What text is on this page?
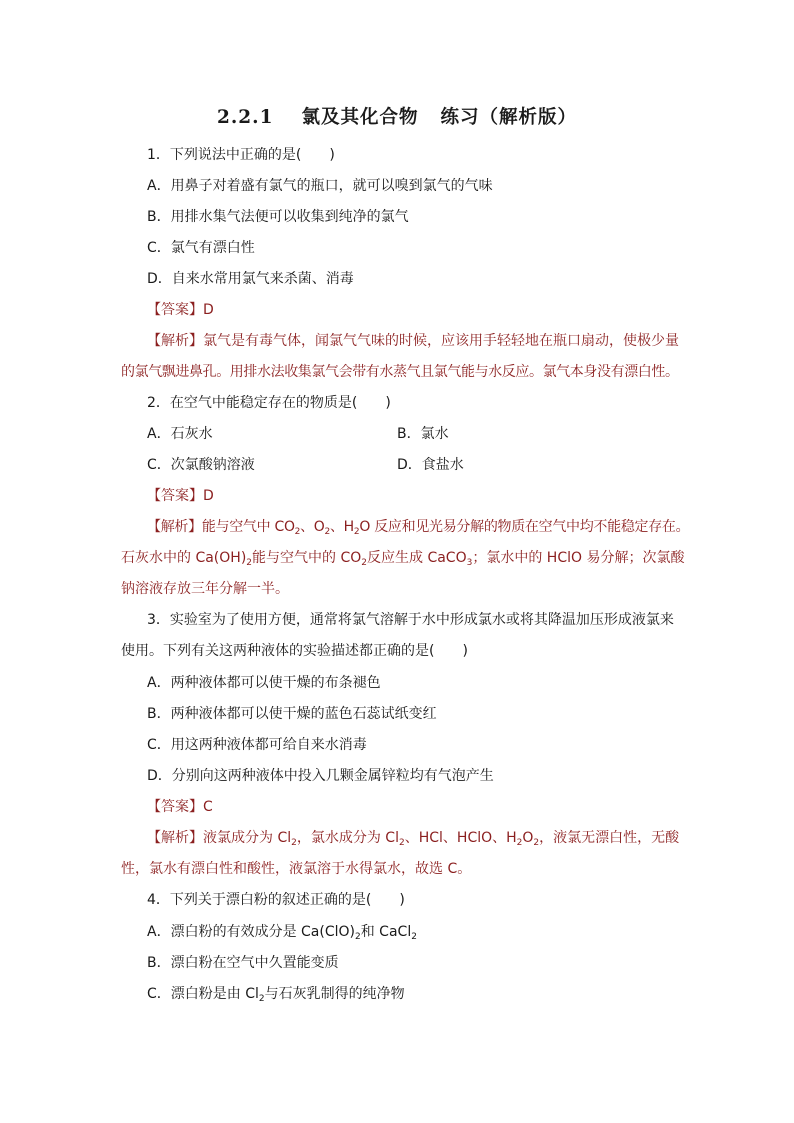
2.2.1 氯及其化合物 练习（解析版）
1．下列说法中正确的是(　　)
A．用鼻子对着盛有氯气的瓶口，就可以嗅到氯气的气味
B．用排水集气法便可以收集到纯净的氯气
C．氯气有漂白性
D．自来水常用氯气来杀菌、消毒
【答案】D
【解析】氯气是有毒气体，闻氯气气味的时候，应该用手轻轻地在瓶口扇动，使极少量
的氯气飘进鼻孔。用排水法收集氯气会带有水蒸气且氯气能与水反应。氯气本身没有漂白性。
2．在空气中能稳定存在的物质是(　　)
A．石灰水	B．氯水
C．次氯酸钠溶液	D．食盐水
【答案】D
【解析】能与空气中 $CO_2$、$O_2$、$H_2O$ 反应和见光易分解的物质在空气中均不能稳定存在。
石灰水中的 $Ca(OH)_2$能与空气中的 $CO_2$反应生成 CaCO$_3$；氯水中的 HClO 易分解；次氯酸
钠溶液存放三年分解一半。
3．实验室为了使用方便，通常将氯气溶解于水中形成氯水或将其降温加压形成液氯来
使用。下列有关这两种液体的实验描述都正确的是(　　)
A．两种液体都可以使干燥的布条褪色
B．两种液体都可以使干燥的蓝色石蕊试纸变红
C．用这两种液体都可给自来水消毒
D．分别向这两种液体中投入几颗金属锌粒均有气泡产生
【答案】C
【解析】液氯成分为 $Cl_2$，氯水成分为 $Cl_2$、HCl、HClO、$H_2O_2$，液氯无漂白性，无酸
性，氯水有漂白性和酸性，液氯溶于水得氯水，故选 C。
4．下列关于漂白粉的叙述正确的是(　　)
A．漂白粉的有效成分是 $Ca(ClO)_2$和 CaCl$_2$
B．漂白粉在空气中久置能变质
C．漂白粉是由 $Cl_2$与石灰乳制得的纯净物
